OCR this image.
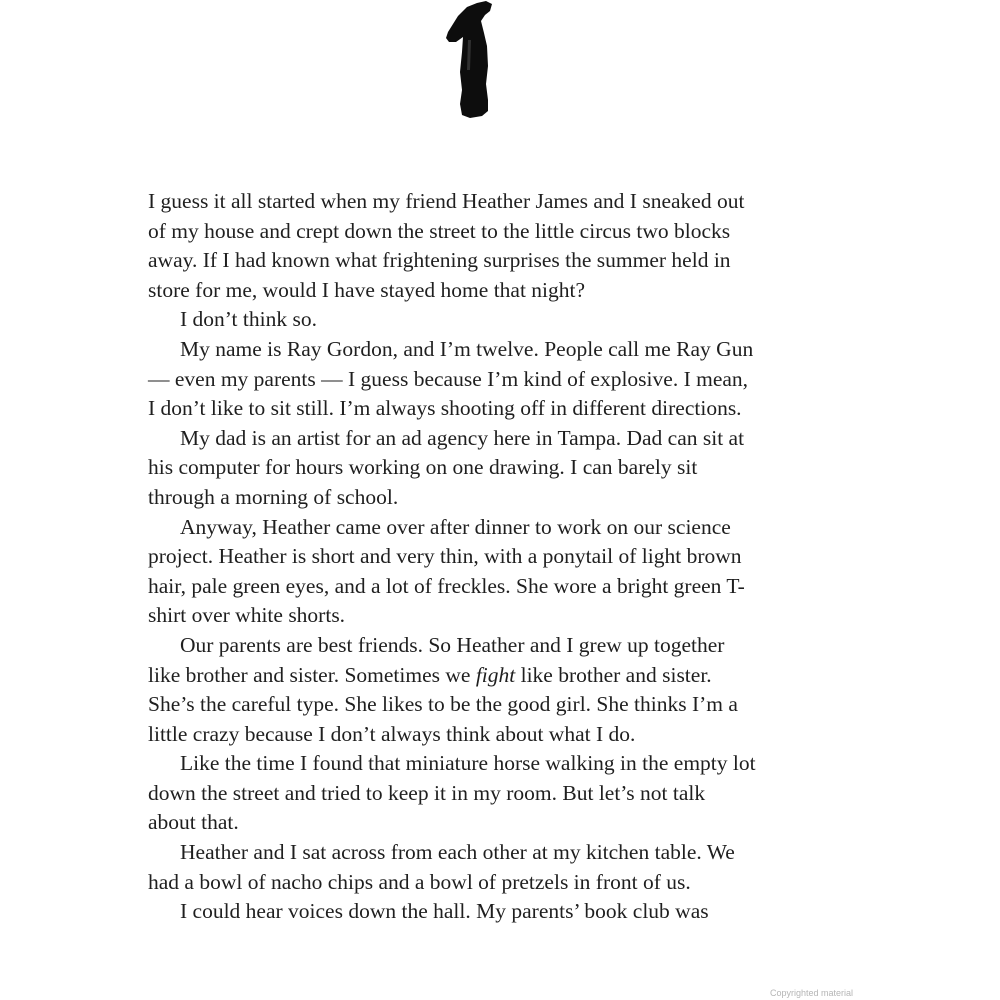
I guess it all started when my friend Heather James and I sneaked out
of my house and crept down the street to the little circus two blocks
away. If I had known what frightening surprises the summer held in
store for me, would I have stayed home that night?
I don’t think so.
My name is Ray Gordon, and I’m twelve. People call me Ray Gun
— even my parents — I guess because I’m kind of explosive. I mean,
I don’t like to sit still. I’m always shooting off in different directions.
My dad is an artist for an ad agency here in Tampa. Dad can sit at
his computer for hours working on one drawing. I can barely sit
through a morning of school.
Anyway, Heather came over after dinner to work on our science
project. Heather is short and very thin, with a ponytail of light brown
hair, pale green eyes, and a lot of freckles. She wore a bright green T-
shirt over white shorts.
Our parents are best friends. So Heather and I grew up together
like brother and sister. Sometimes we fight like brother and sister.
She’s the careful type. She likes to be the good girl. She thinks I’m a
little crazy because I don’t always think about what I do.
Like the time I found that miniature horse walking in the empty lot
down the street and tried to keep it in my room. But let’s not talk
about that.
Heather and I sat across from each other at my kitchen table. We
had a bowl of nacho chips and a bowl of pretzels in front of us.
I could hear voices down the hall. My parents’ book club was
Copyrighted material
